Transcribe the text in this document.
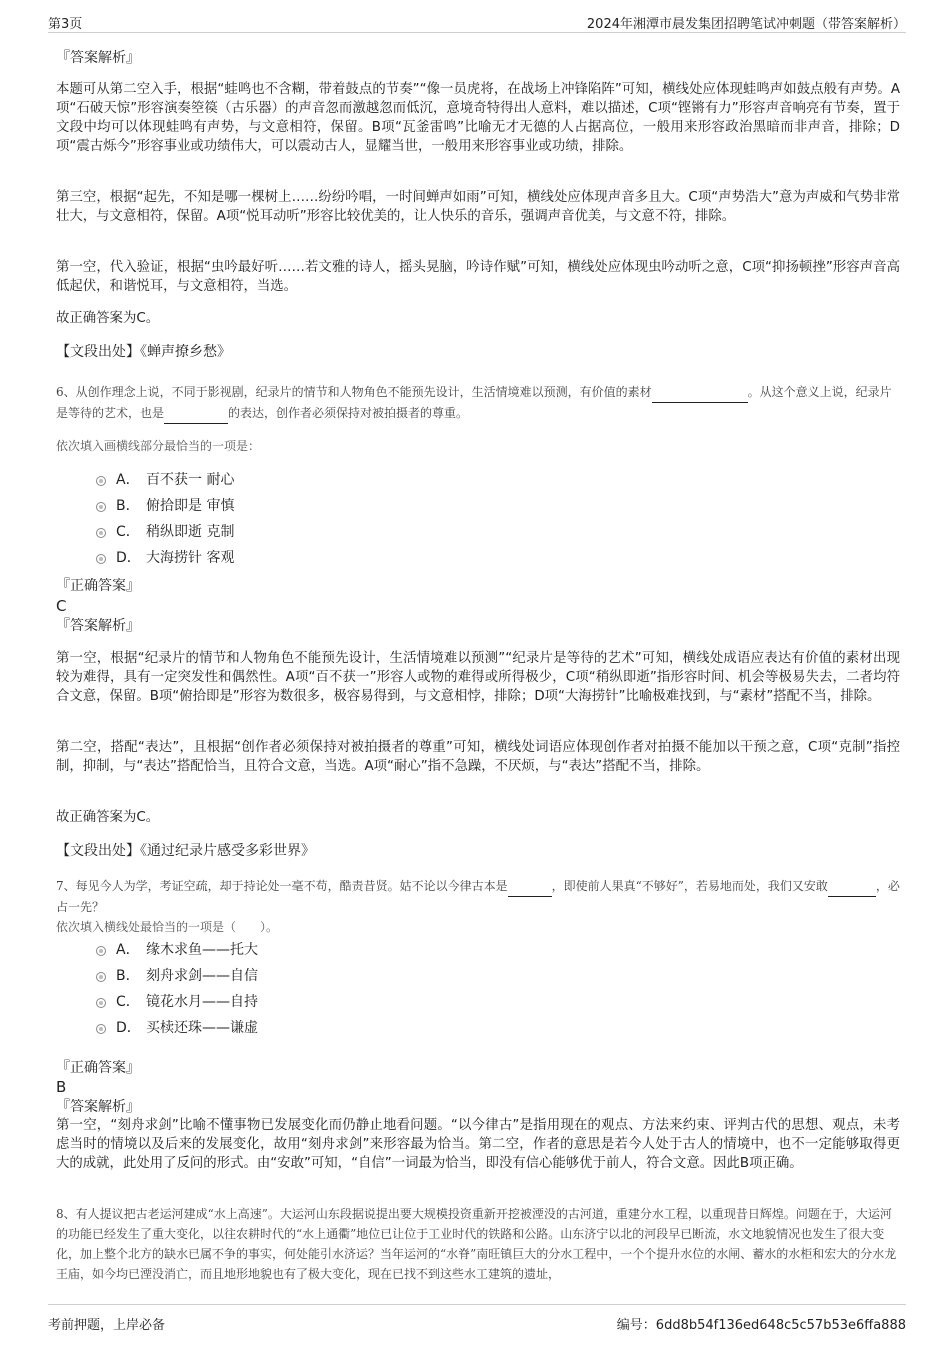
第3页	2024年湘潭市晨发集团招聘笔试冲刺题（带答案解析）
『答案解析』
本题可从第二空入手，根据“蛙鸣也不含糊，带着鼓点的节奏”“像一员虎将，在战场上冲锋陷阵”可知，横线处应体现蛙鸣声如鼓点般有声势。A项“石破天惊”形容演奏箜篌（古乐器）的声音忽而激越忽而低沉，意境奇特得出人意料，难以描述，C项“铿锵有力”形容声音响亮有节奏，置于文段中均可以体现蛙鸣有声势，与文意相符，保留。B项“瓦釜雷鸣”比喻无才无德的人占据高位，一般用来形容政治黑暗而非声音，排除；D项“震古烁今”形容事业或功绩伟大，可以震动古人，显耀当世，一般用来形容事业或功绩，排除。
第三空，根据“起先，不知是哪一棵树上……纷纷吟唱，一时间蝉声如雨”可知，横线处应体现声音多且大。C项“声势浩大”意为声威和气势非常壮大，与文意相符，保留。A项“悦耳动听”形容比较优美的，让人快乐的音乐，强调声音优美，与文意不符，排除。
第一空，代入验证，根据“虫吟最好听……若文雅的诗人，摇头晃脑，吟诗作赋”可知，横线处应体现虫吟动听之意，C项“抑扬顿挫”形容声音高低起伏，和谐悦耳，与文意相符，当选。
故正确答案为C。
【文段出处】《蝉声撩乡愁》
6、从创作理念上说，不同于影视剧，纪录片的情节和人物角色不能预先设计，生活情境难以预测，有价值的素材	。从这个意义上说，纪录片是等待的艺术，也是	的表达，创作者必须保持对被拍摄者的尊重。
依次填入画横线部分最恰当的一项是：
A． 百不获一 耐心
B． 俯拾即是 审慎
C． 稍纵即逝 克制
D． 大海捞针 客观
『正确答案』
C
『答案解析』
第一空，根据“纪录片的情节和人物角色不能预先设计，生活情境难以预测”“纪录片是等待的艺术”可知，横线处成语应表达有价值的素材出现较为难得，具有一定突发性和偶然性。A项“百不获一”形容人或物的难得或所得极少，C项“稍纵即逝”指形容时间、机会等极易失去，二者均符合文意，保留。B项“俯拾即是”形容为数很多，极容易得到，与文意相悖，排除；D项“大海捞针”比喻极难找到，与“素材”搭配不当，排除。
第二空，搭配“表达”，且根据“创作者必须保持对被拍摄者的尊重”可知，横线处词语应体现创作者对拍摄不能加以干预之意，C项“克制”指控制，抑制，与“表达”搭配恰当，且符合文意，当选。A项“耐心”指不急躁，不厌烦，与“表达”搭配不当，排除。
故正确答案为C。
【文段出处】《通过纪录片感受多彩世界》
7、每见今人为学，考证空疏，却于持论处一毫不苟，酷责昔贤。姑不论以今律古本是	，即使前人果真“不够好”，若易地而处，我们又安敢	，必占一先？
依次填入横线处最恰当的一项是（　　）。
A． 缘木求鱼——托大
B． 刻舟求剑——自信
C． 镜花水月——自持
D． 买椟还珠——谦虚
『正确答案』
B
『答案解析』
第一空，“刻舟求剑”比喻不懂事物已发展变化而仍静止地看问题。“以今律古”是指用现在的观点、方法来约束、评判古代的思想、观点，未考虑当时的情境以及后来的发展变化，故用“刻舟求剑”来形容最为恰当。第二空，作者的意思是若今人处于古人的情境中，也不一定能够取得更大的成就，此处用了反问的形式。由“安敢”可知，“自信”一词最为恰当，即没有信心能够优于前人，符合文意。因此B项正确。
8、有人提议把古老运河建成“水上高速”。大运河山东段据说提出要大规模投资重新开挖被湮没的古河道，重建分水工程，以重现昔日辉煌。问题在于，大运河的功能已经发生了重大变化，以往农耕时代的“水上通衢”地位已让位于工业时代的铁路和公路。山东济宁以北的河段早已断流，水文地貌情况也发生了很大变化，加上整个北方的缺水已属不争的事实，何处能引水济运？当年运河的“水脊”南旺镇巨大的分水工程中，一个个提升水位的水闸、蓄水的水柜和宏大的分水龙王庙，如今均已湮没消亡，而且地形地貌也有了极大变化，现在已找不到这些水工建筑的遗址，
考前押题，上岸必备	编号：6dd8b54f136ed648c5c57b53e6ffa888
